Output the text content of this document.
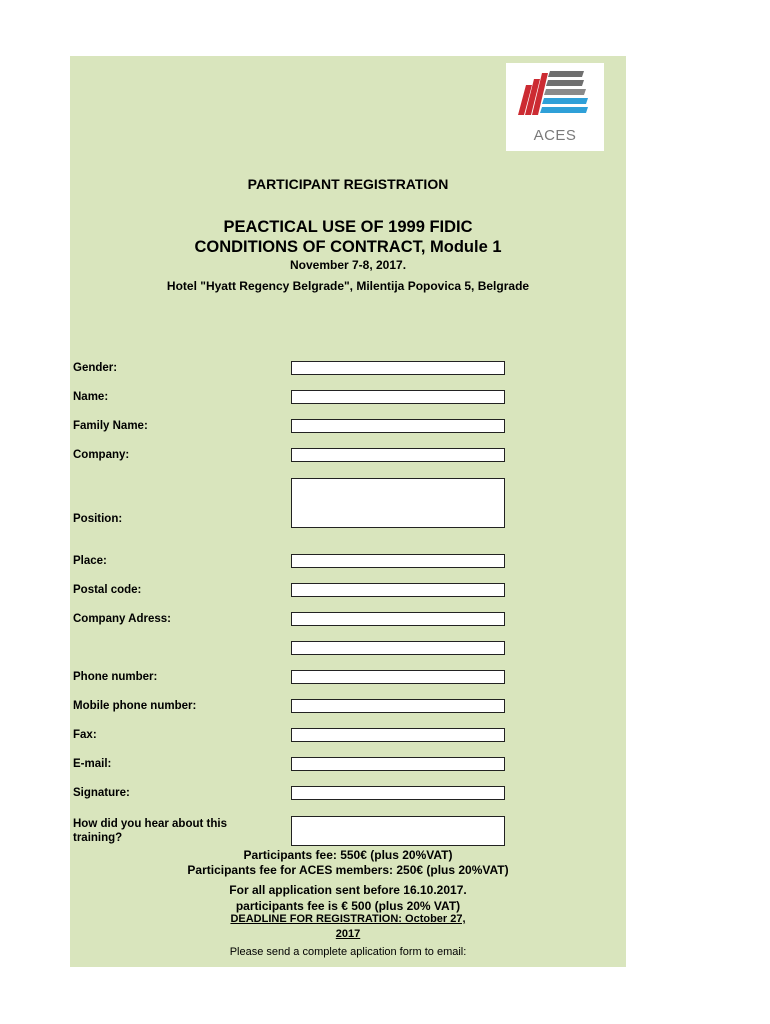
ACES
PARTICIPANT REGISTRATION
PEACTICAL USE OF 1999 FIDIC
CONDITIONS OF CONTRACT, Module 1
November 7-8, 2017.
Hotel "Hyatt Regency Belgrade", Milentija Popovica 5, Belgrade
Gender:
Name:
Family Name:
Company:
Position:
Place:
Postal code:
Company Adress:
Phone number:
Mobile phone number:
Fax:
E-mail:
Signature:
How did you hear about this
training?
Participants fee: 550€ (plus 20%VAT)
Participants fee for ACES members: 250€ (plus 20%VAT)
For all application sent before 16.10.2017.
participants fee is € 500 (plus 20% VAT)
DEADLINE FOR REGISTRATION: October 27,
2017
Please send a complete aplication form to email:
